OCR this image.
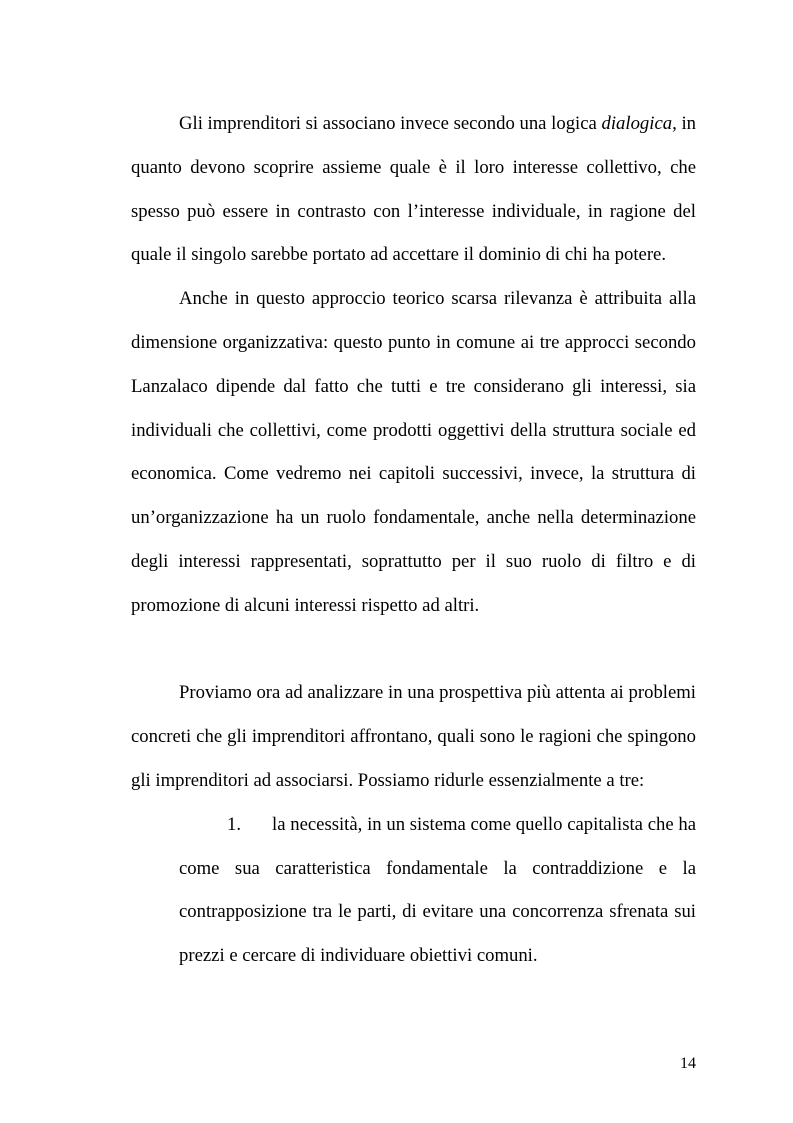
Gli imprenditori si associano invece secondo una logica dialogica, in quanto devono scoprire assieme quale è il loro interesse collettivo, che spesso può essere in contrasto con l’interesse individuale, in ragione del quale il singolo sarebbe portato ad accettare il dominio di chi ha potere.

Anche in questo approccio teorico scarsa rilevanza è attribuita alla dimensione organizzativa: questo punto in comune ai tre approcci secondo Lanzalaco dipende dal fatto che tutti e tre considerano gli interessi, sia individuali che collettivi, come prodotti oggettivi della struttura sociale ed economica. Come vedremo nei capitoli successivi, invece, la struttura di un’organizzazione ha un ruolo fondamentale, anche nella determinazione degli interessi rappresentati, soprattutto per il suo ruolo di filtro e di promozione di alcuni interessi rispetto ad altri.

Proviamo ora ad analizzare in una prospettiva più attenta ai problemi concreti che gli imprenditori affrontano, quali sono le ragioni che spingono gli imprenditori ad associarsi. Possiamo ridurle essenzialmente a tre:

1. la necessità, in un sistema come quello capitalista che ha come sua caratteristica fondamentale la contraddizione e la contrapposizione tra le parti, di evitare una concorrenza sfrenata sui prezzi e cercare di individuare obiettivi comuni.

14
